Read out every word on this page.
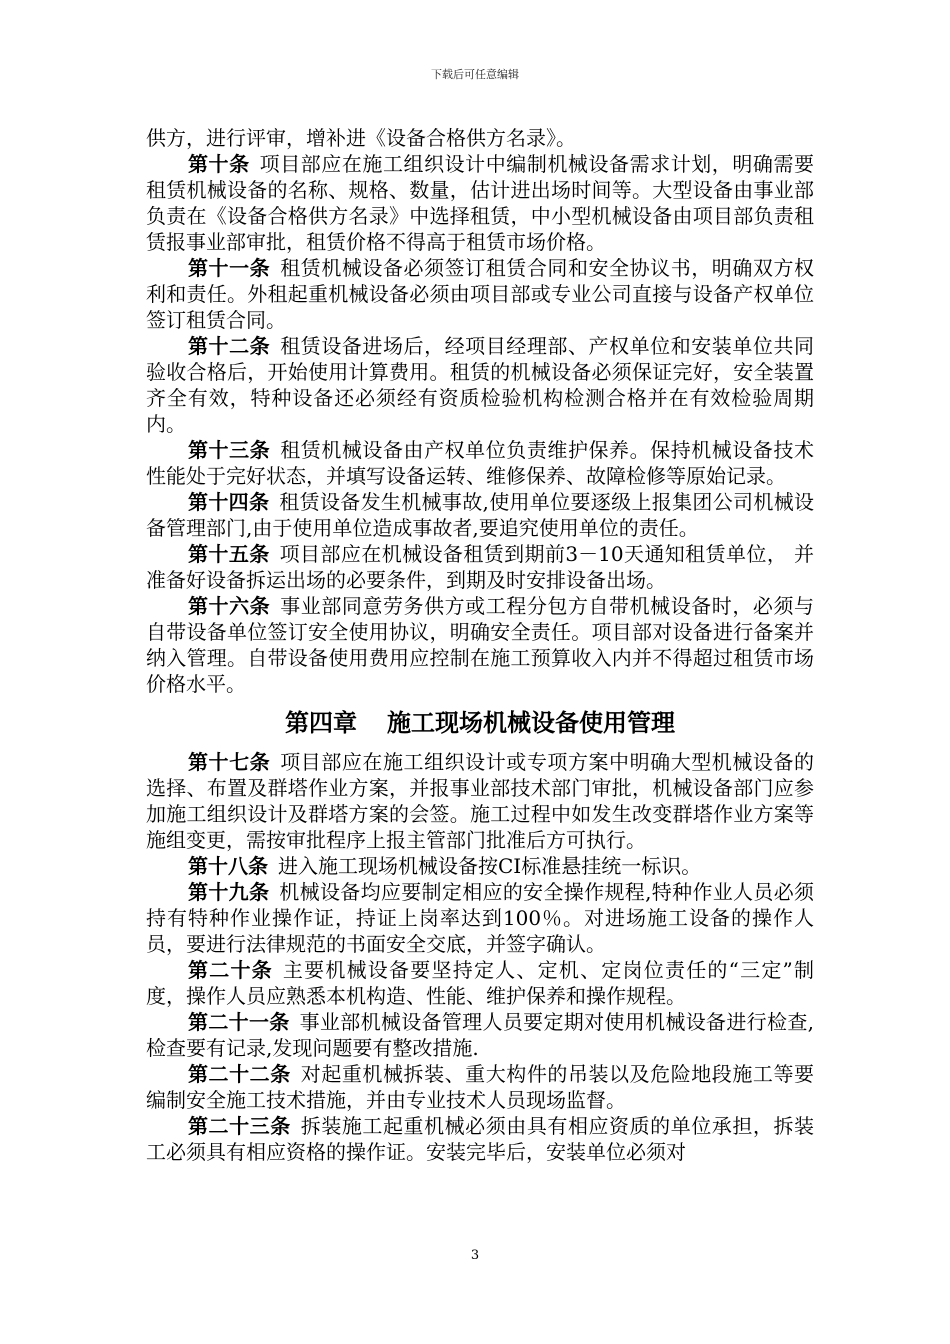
下载后可任意编辑

供方，进行评审，增补进《设备合格供方名录》。

第十条 项目部应在施工组织设计中编制机械设备需求计划，明确需要租赁机械设备的名称、规格、数量，估计进出场时间等。大型设备由事业部负责在《设备合格供方名录》中选择租赁，中小型机械设备由项目部负责租赁报事业部审批，租赁价格不得高于租赁市场价格。

第十一条 租赁机械设备必须签订租赁合同和安全协议书，明确双方权利和责任。外租起重机械设备必须由项目部或专业公司直接与设备产权单位签订租赁合同。

第十二条 租赁设备进场后，经项目经理部、产权单位和安装单位共同验收合格后，开始使用计算费用。租赁的机械设备必须保证完好，安全装置齐全有效，特种设备还必须经有资质检验机构检测合格并在有效检验周期内。

第十三条 租赁机械设备由产权单位负责维护保养。保持机械设备技术性能处于完好状态，并填写设备运转、维修保养、故障检修等原始记录。

第十四条 租赁设备发生机械事故,使用单位要逐级上报集团公司机械设备管理部门,由于使用单位造成事故者,要追究使用单位的责任。

第十五条 项目部应在机械设备租赁到期前3－10天通知租赁单位， 并准备好设备拆运出场的必要条件，到期及时安排设备出场。

第十六条 事业部同意劳务供方或工程分包方自带机械设备时，必须与自带设备单位签订安全使用协议，明确安全责任。项目部对设备进行备案并纳入管理。自带设备使用费用应控制在施工预算收入内并不得超过租赁市场价格水平。

第四章 施工现场机械设备使用管理

第十七条 项目部应在施工组织设计或专项方案中明确大型机械设备的选择、布置及群塔作业方案，并报事业部技术部门审批，机械设备部门应参加施工组织设计及群塔方案的会签。施工过程中如发生改变群塔作业方案等施组变更，需按审批程序上报主管部门批准后方可执行。

第十八条 进入施工现场机械设备按CI标准悬挂统一标识。

第十九条 机械设备均应要制定相应的安全操作规程,特种作业人员必须持有特种作业操作证，持证上岗率达到100％。对进场施工设备的操作人员，要进行法律规范的书面安全交底，并签字确认。

第二十条 主要机械设备要坚持定人、定机、定岗位责任的“三定”制度，操作人员应熟悉本机构造、性能、维护保养和操作规程。

第二十一条 事业部机械设备管理人员要定期对使用机械设备进行检查,检查要有记录,发现问题要有整改措施.

第二十二条 对起重机械拆装、重大构件的吊装以及危险地段施工等要编制安全施工技术措施，并由专业技术人员现场监督。

第二十三条 拆装施工起重机械必须由具有相应资质的单位承担，拆装工必须具有相应资格的操作证。安装完毕后，安装单位必须对

3
